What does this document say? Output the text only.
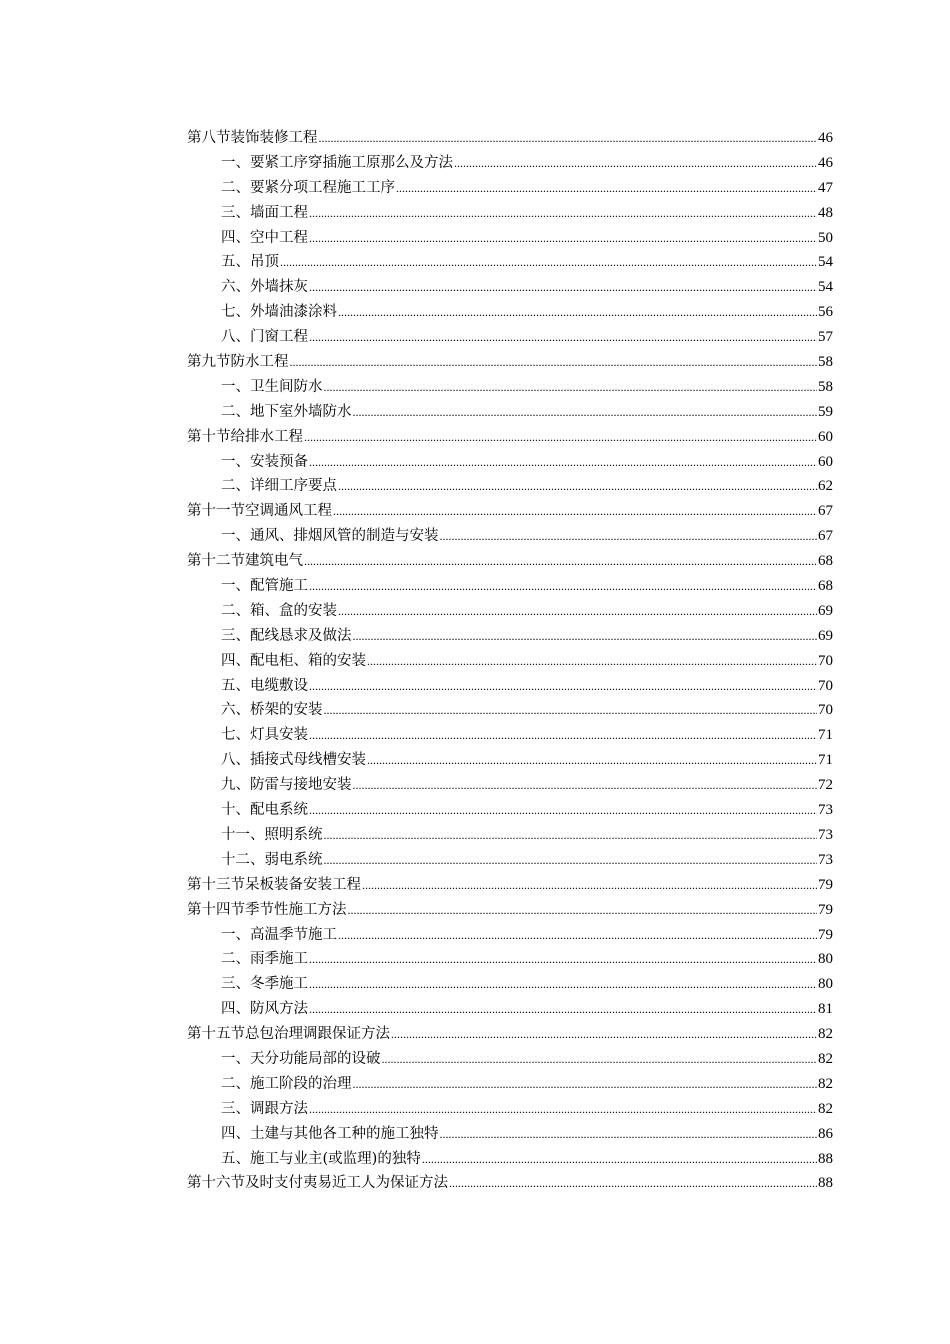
第八节装饰装修工程 .....	46
一、要紧工序穿插施工原那么及方法 .....	46
二、要紧分项工程施工工序 .....	47
三、墙面工程 .....	48
四、空中工程 .....	50
五、吊顶 .....	54
六、外墙抹灰 .....	54
七、外墙油漆涂料 .....	56
八、门窗工程 .....	57
第九节防水工程 .....	58
一、卫生间防水 .....	58
二、地下室外墙防水 .....	59
第十节给排水工程 .....	60
一、安装预备 .....	60
二、详细工序要点 .....	62
第十一节空调通风工程 .....	67
一、通风、排烟风管的制造与安装 .....	67
第十二节建筑电气 .....	68
一、配管施工 .....	68
二、箱、盒的安装 .....	69
三、配线恳求及做法 .....	69
四、配电柜、箱的安装 .....	70
五、电缆敷设 .....	70
六、桥架的安装 .....	70
七、灯具安装 .....	71
八、插接式母线槽安装 .....	71
九、防雷与接地安装 .....	72
十、配电系统 .....	73
十一、照明系统 .....	73
十二、弱电系统 .....	73
第十三节呆板装备安装工程 .....	79
第十四节季节性施工方法 .....	79
一、高温季节施工 .....	79
二、雨季施工 .....	80
三、冬季施工 .....	80
四、防风方法 .....	81
第十五节总包治理调跟保证方法 .....	82
一、天分功能局部的设破 .....	82
二、施工阶段的治理 .....	82
三、调跟方法 .....	82
四、土建与其他各工种的施工独特 .....	86
五、施工与业主(或监理)的独特 .....	88
第十六节及时支付夷易近工人为保证方法 .....	88
